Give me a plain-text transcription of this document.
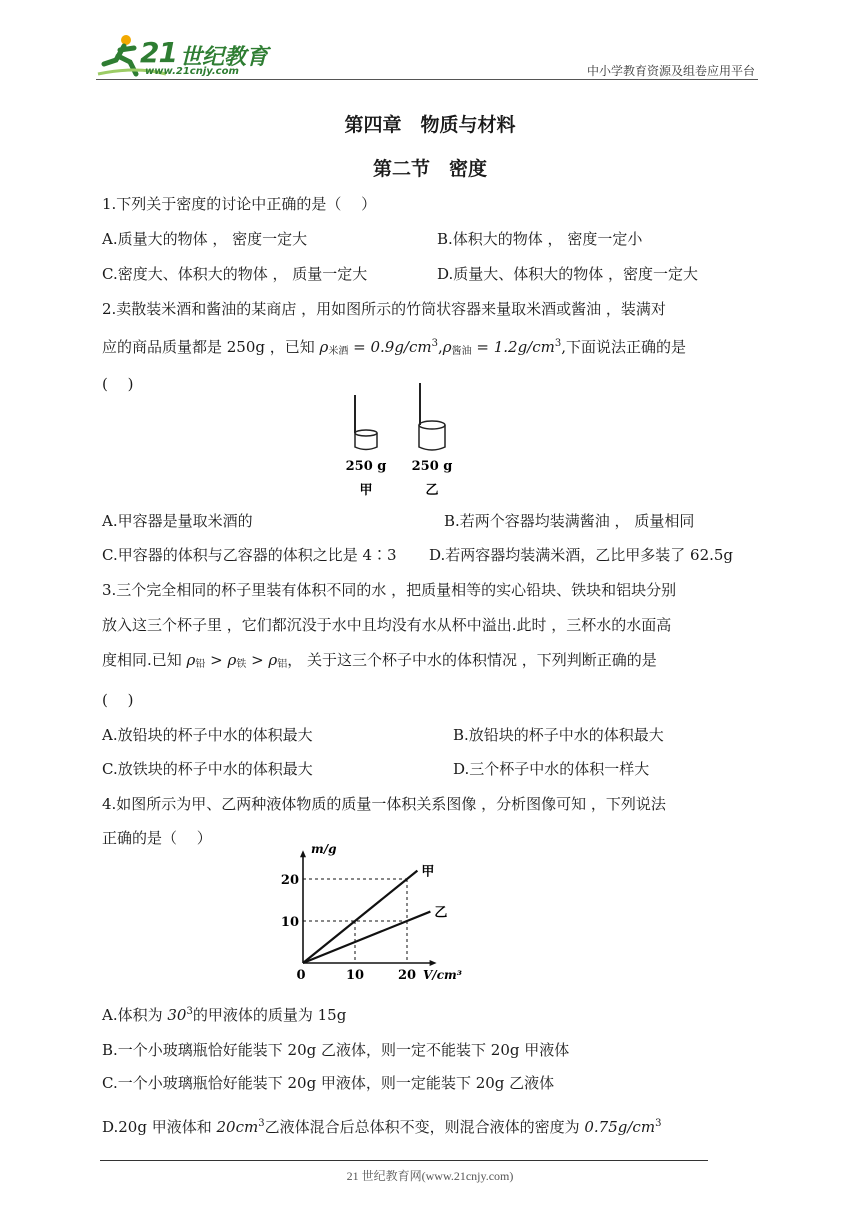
21 世纪教育
www.21cnjy.com	中小学教育资源及组卷应用平台
第四章　物质与材料
第二节　密度
1.下列关于密度的讨论中正确的是（　 ）
A.质量大的物体 ， 密度一定大	B.体积大的物体 ， 密度一定小
C.密度大、体积大的物体 ， 质量一定大	D.质量大、体积大的物体 ，密度一定大
2.卖散装米酒和酱油的某商店 ，用如图所示的竹筒状容器来量取米酒或酱油 ，装满对
应的商品质量都是 250g ，已知 $\rho_{米酒} = 0.9g/cm^3,\rho_{酱油} = 1.2g/cm^3$,下面说法正确的是
(　 )
250 g 250 g
甲	乙
A.甲容器是量取米酒的	B.若两个容器均装满酱油 ， 质量相同
C.甲容器的体积与乙容器的体积之比是 4∶3 D.若两容器均装满米酒，乙比甲多装了 62.5g
3.三个完全相同的杯子里装有体积不同的水 ，把质量相等的实心铅块、铁块和铝块分别
放入这三个杯子里 ，它们都沉没于水中且均没有水从杯中溢出.此时 ，三杯水的水面高
度相同.已知 $\rho_铅 > \rho_铁 > \rho_铝$， 关于这三个杯子中水的体积情况 ，下列判断正确的是
(　 )
A.放铅块的杯子中水的体积最大	B.放铅块的杯子中水的体积最大
C.放铁块的杯子中水的体积最大	D.三个杯子中水的体积一样大
4.如图所示为甲、乙两种液体物质的质量一体积关系图像 ，分析图像可知 ，下列说法
正确的是（　 ）
甲
乙
10	20
10
20
0
m/g
V/cm³
A.体积为 $30^3$的甲液体的质量为 15g
B.一个小玻璃瓶恰好能装下 20g 乙液体，则一定不能装下 20g 甲液体
C.一个小玻璃瓶恰好能装下 20g 甲液体，则一定能装下 20g 乙液体
D.20g 甲液体和 $20cm^3$乙液体混合后总体积不变，则混合液体的密度为 $0.75g/cm^3$
21 世纪教育网(www.21cnjy.com)
